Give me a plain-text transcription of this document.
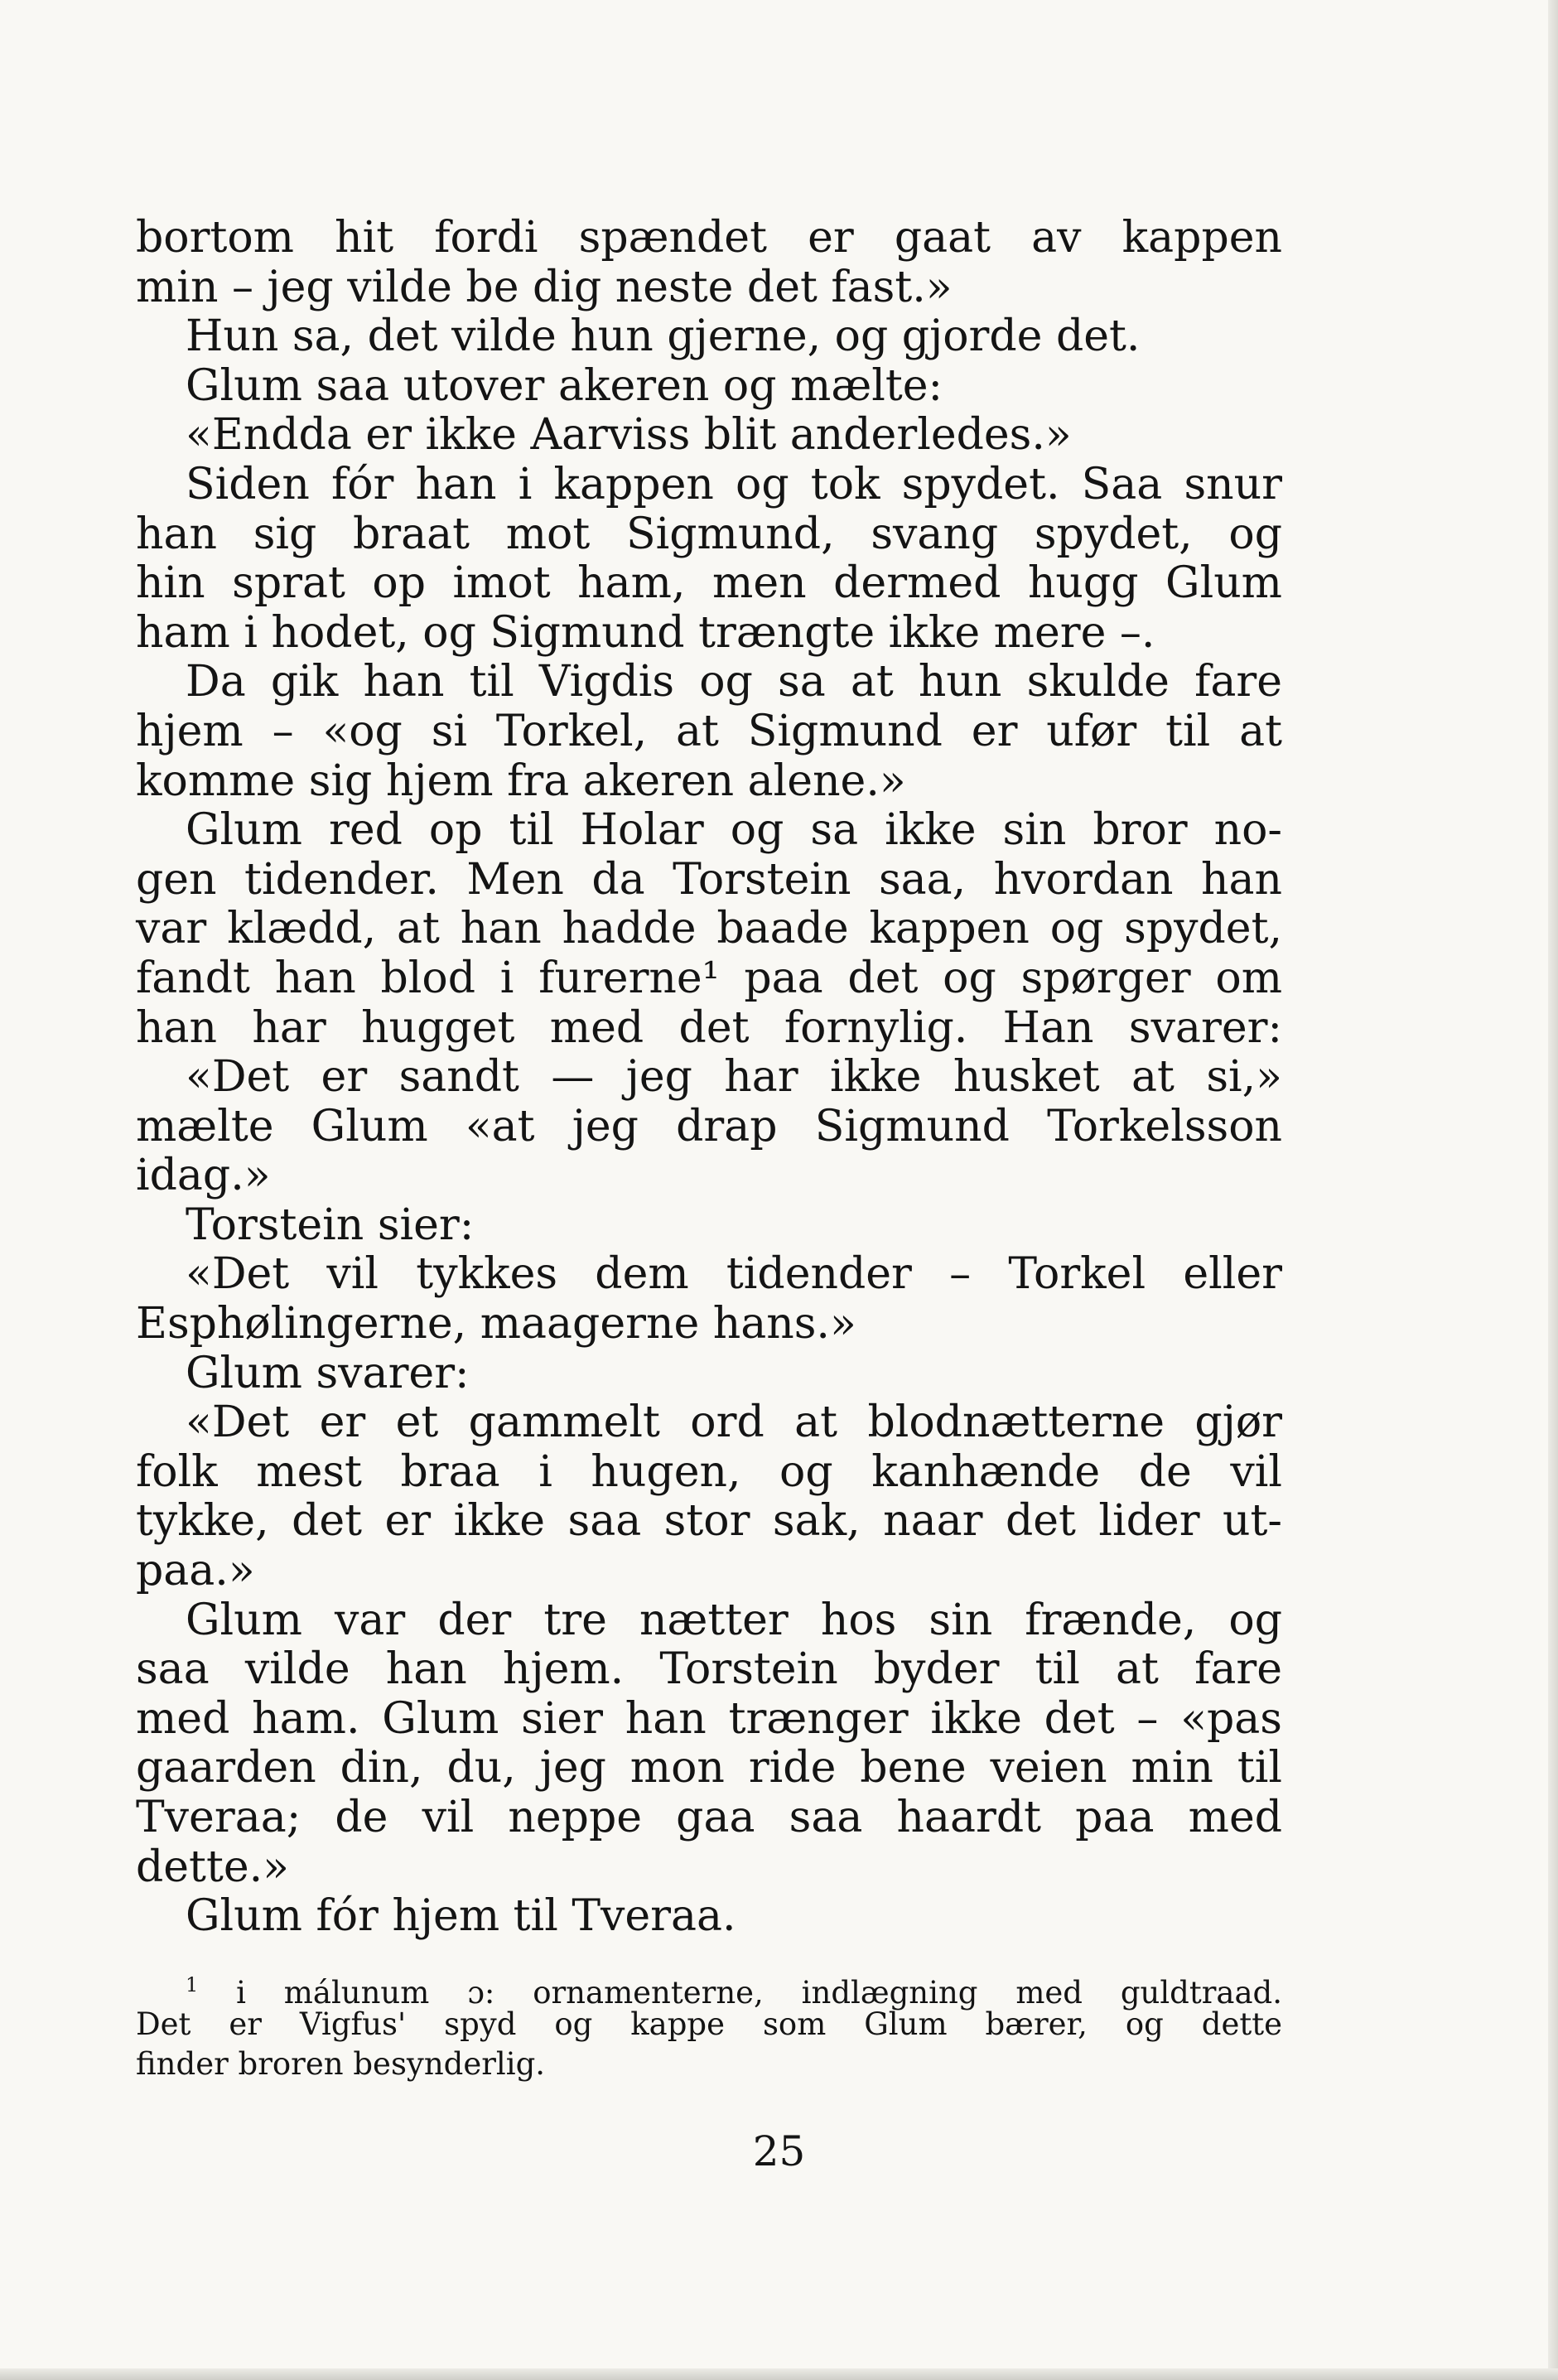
bortom hit fordi spændet er gaat av kappen
min – jeg vilde be dig neste det fast.»
Hun sa, det vilde hun gjerne, og gjorde det.
Glum saa utover akeren og mælte:
«Endda er ikke Aarviss blit anderledes.»
Siden fór han i kappen og tok spydet. Saa snur
han sig braat mot Sigmund, svang spydet, og
hin sprat op imot ham, men dermed hugg Glum
ham i hodet, og Sigmund trængte ikke mere –.
Da gik han til Vigdis og sa at hun skulde fare
hjem – «og si Torkel, at Sigmund er ufør til at
komme sig hjem fra akeren alene.»
Glum red op til Holar og sa ikke sin bror no-
gen tidender. Men da Torstein saa, hvordan han
var klædd, at han hadde baade kappen og spydet,
fandt han blod i furerne¹ paa det og spørger om
han har hugget med det fornylig. Han svarer:
«Det er sandt — jeg har ikke husket at si,»
mælte Glum «at jeg drap Sigmund Torkelsson
idag.»
Torstein sier:
«Det vil tykkes dem tidender – Torkel eller
Esphølingerne, maagerne hans.»
Glum svarer:
«Det er et gammelt ord at blodnætterne gjør
folk mest braa i hugen, og kanhænde de vil
tykke, det er ikke saa stor sak, naar det lider ut-
paa.»
Glum var der tre nætter hos sin frænde, og
saa vilde han hjem. Torstein byder til at fare
med ham. Glum sier han trænger ikke det – «pas
gaarden din, du, jeg mon ride bene veien min til
Tveraa; de vil neppe gaa saa haardt paa med
dette.»
Glum fór hjem til Tveraa.
$^1$ i málunum ɔ: ornamenterne, indlægning med guldtraad.
Det er Vigfus' spyd og kappe som Glum bærer, og dette
finder broren besynderlig.
25
